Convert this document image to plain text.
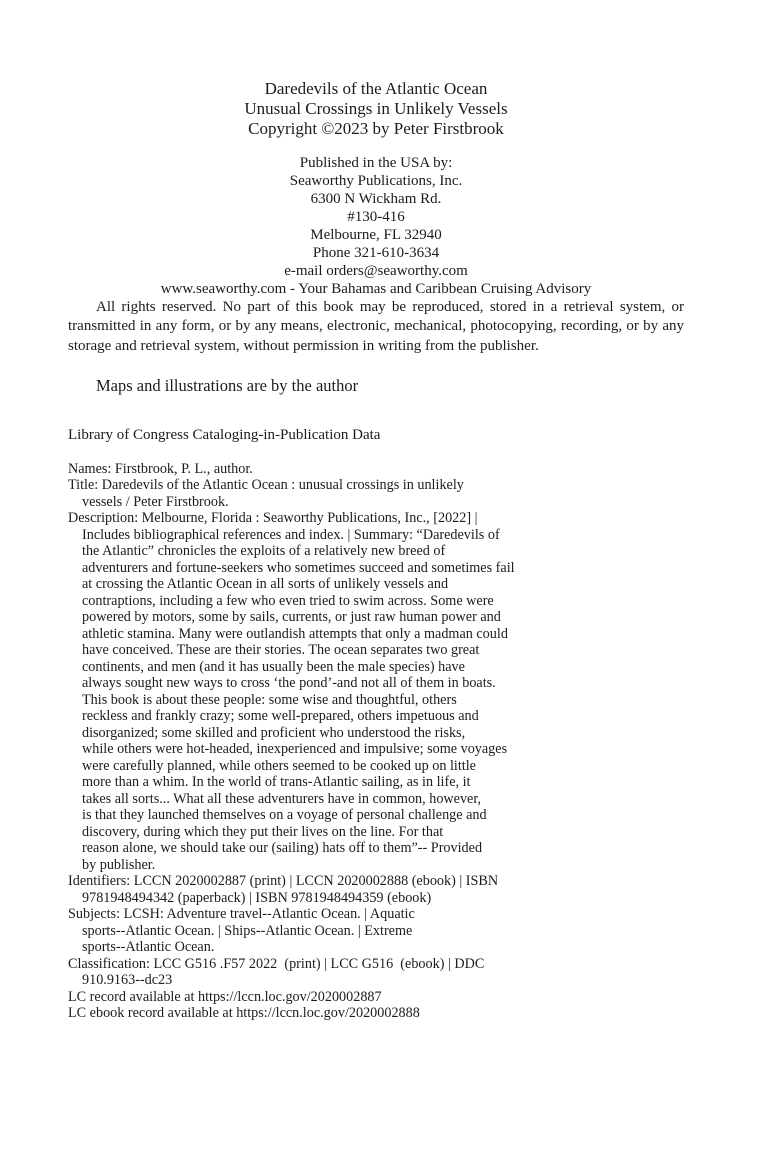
Daredevils of the Atlantic Ocean
Unusual Crossings in Unlikely Vessels
Copyright ©2023 by Peter Firstbrook
Published in the USA by:
Seaworthy Publications, Inc.
6300 N Wickham Rd.
#130-416
Melbourne, FL 32940
Phone 321-610-3634
e-mail orders@seaworthy.com
www.seaworthy.com - Your Bahamas and Caribbean Cruising Advisory

All rights reserved. No part of this book may be reproduced, stored in a retrieval system, or transmitted in any form, or by any means, electronic, mechanical, photocopying, recording, or by any storage and retrieval system, without permission in writing from the publisher.

Maps and illustrations are by the author
Library of Congress Cataloging-in-Publication Data
Names: Firstbrook, P. L., author.
Title: Daredevils of the Atlantic Ocean : unusual crossings in unlikely
vessels / Peter Firstbrook.
Description: Melbourne, Florida : Seaworthy Publications, Inc., [2022] |
Includes bibliographical references and index. | Summary: “Daredevils of
the Atlantic” chronicles the exploits of a relatively new breed of
adventurers and fortune-seekers who sometimes succeed and sometimes fail
at crossing the Atlantic Ocean in all sorts of unlikely vessels and
contraptions, including a few who even tried to swim across. Some were
powered by motors, some by sails, currents, or just raw human power and
athletic stamina. Many were outlandish attempts that only a madman could
have conceived. These are their stories. The ocean separates two great
continents, and men (and it has usually been the male species) have
always sought new ways to cross ‘the pond’-and not all of them in boats.
This book is about these people: some wise and thoughtful, others
reckless and frankly crazy; some well-prepared, others impetuous and
disorganized; some skilled and proficient who understood the risks,
while others were hot-headed, inexperienced and impulsive; some voyages
were carefully planned, while others seemed to be cooked up on little
more than a whim. In the world of trans-Atlantic sailing, as in life, it
takes all sorts... What all these adventurers have in common, however,
is that they launched themselves on a voyage of personal challenge and
discovery, during which they put their lives on the line. For that
reason alone, we should take our (sailing) hats off to them”-- Provided
by publisher.
Identifiers: LCCN 2020002887 (print) | LCCN 2020002888 (ebook) | ISBN
9781948494342 (paperback) | ISBN 9781948494359 (ebook)
Subjects: LCSH: Adventure travel--Atlantic Ocean. | Aquatic
sports--Atlantic Ocean. | Ships--Atlantic Ocean. | Extreme
sports--Atlantic Ocean.
Classification: LCC G516 .F57 2022  (print) | LCC G516  (ebook) | DDC
910.9163--dc23
LC record available at https://lccn.loc.gov/2020002887
LC ebook record available at https://lccn.loc.gov/2020002888
